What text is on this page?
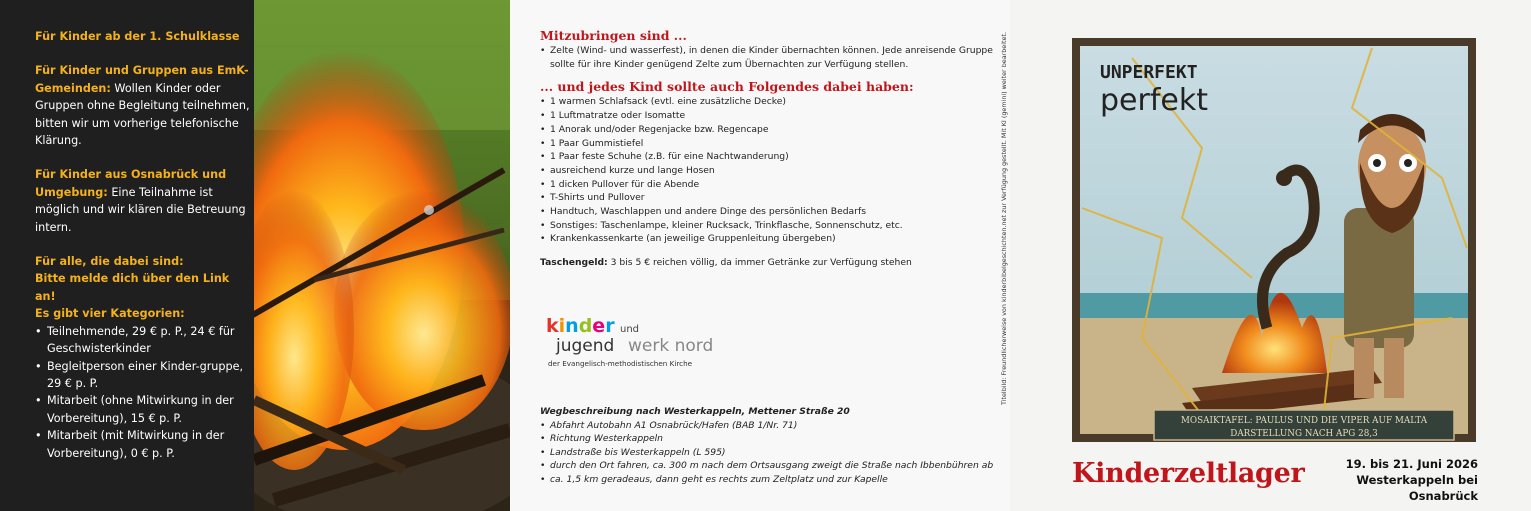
Für Kinder ab der 1. Schulklasse
Für Kinder und Gruppen aus EmK- Gemeinden: Wollen Kinder oder Gruppen ohne Begleitung teilnehmen, bitten wir um vorherige telefonische Klärung.
Für Kinder aus Osnabrück und Umgebung: Eine Teilnahme ist möglich und wir klären die Betreuung intern.
Für alle, die dabei sind:
Bitte melde dich über den Link an!
Es gibt vier Kategorien:
• Teilnehmende, 29 € p. P., 24 € für Geschwisterkinder
• Begleitperson einer Kinder-gruppe, 29 € p. P.
• Mitarbeit (ohne Mitwirkung in der Vorbereitung), 15 € p. P.
• Mitarbeit (mit Mitwirkung in der Vorbereitung), 0 € p. P.
Mitzubringen sind ...
• Zelte (Wind- und wasserfest), in denen die Kinder übernachten können. Jede anreisende Gruppe sollte für ihre Kinder genügend Zelte zum Übernachten zur Verfügung stellen.
... und jedes Kind sollte auch Folgendes dabei haben:
• 1 warmen Schlafsack (evtl. eine zusätzliche Decke)
• 1 Luftmatratze oder Isomatte
• 1 Anorak und/oder Regenjacke bzw. Regencape
• 1 Paar Gummistiefel
• 1 Paar feste Schuhe (z.B. für eine Nachtwanderung)
• ausreichend kurze und lange Hosen
• 1 dicken Pullover für die Abende
• T-Shirts und Pullover
• Handtuch, Waschlappen und andere Dinge des persönlichen Bedarfs
• Sonstiges: Taschenlampe, kleiner Rucksack, Trinkflasche, Sonnenschutz, etc.
• Krankenkassenkarte (an jeweilige Gruppenleitung übergeben)
Taschengeld: 3 bis 5 € reichen völlig, da immer Getränke zur Verfügung stehen
kinder und
jugend werk nord
der Evangelisch-methodistischen Kirche
Wegbeschreibung nach Westerkappeln, Mettener Straße 20
• Abfahrt Autobahn A1 Osnabrück/Hafen (BAB 1/Nr. 71)
• Richtung Westerkappeln
• Landstraße bis Westerkappeln (L 595)
• durch den Ort fahren, ca. 300 m nach dem Ortsausgang zweigt die Straße nach Ibbenbühren ab
• ca. 1,5 km geradeaus, dann geht es rechts zum Zeltplatz und zur Kapelle
Titelbild: Freundlicherweise von kinderbibelgeschichten.net zur Verfügung gestellt. Mit KI (gemini) weiter bearbeitet.	UNPERFEKT
perfekt
MOSAIKTAFEL: PAULUS UND DIE VIPER AUF MALTA
DARSTELLUNG NACH APG 28,3
Kinderzeltlager	19. bis 21. Juni 2026
Westerkappeln bei Osnabrück
